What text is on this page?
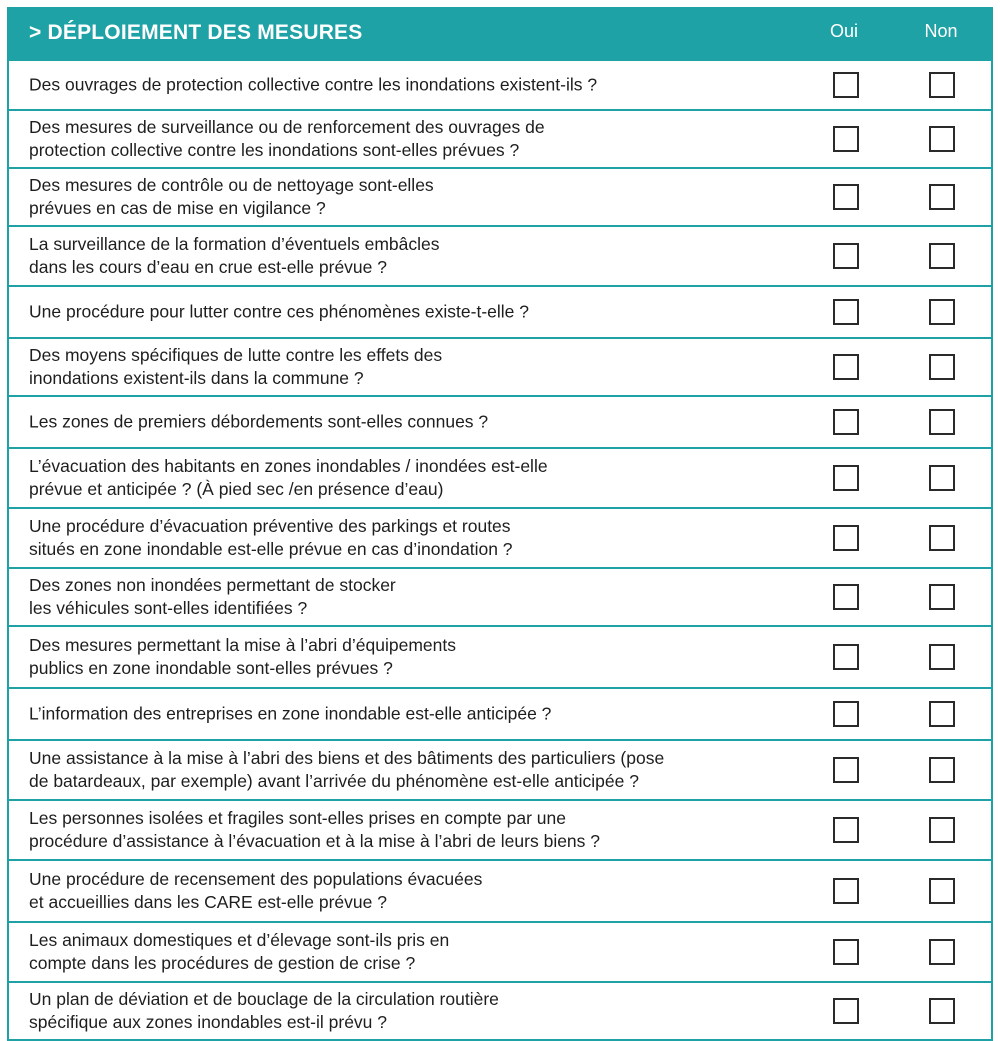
> DÉPLOIEMENT DES MESURES	Oui	Non
Des ouvrages de protection collective contre les inondations existent-ils ?
Des mesures de surveillance ou de renforcement des ouvrages de
protection collective contre les inondations sont-elles prévues ?
Des mesures de contrôle ou de nettoyage sont-elles
prévues en cas de mise en vigilance ?
La surveillance de la formation d’éventuels embâcles
dans les cours d’eau en crue est-elle prévue ?
Une procédure pour lutter contre ces phénomènes existe-t-elle ?
Des moyens spécifiques de lutte contre les effets des
inondations existent-ils dans la commune ?
Les zones de premiers débordements sont-elles connues ?
L’évacuation des habitants en zones inondables / inondées est-elle
prévue et anticipée ? (À pied sec /en présence d’eau)
Une procédure d’évacuation préventive des parkings et routes
situés en zone inondable est-elle prévue en cas d’inondation ?
Des zones non inondées permettant de stocker
les véhicules sont-elles identifiées ?
Des mesures permettant la mise à l’abri d’équipements
publics en zone inondable sont-elles prévues ?
L’information des entreprises en zone inondable est-elle anticipée ?
Une assistance à la mise à l’abri des biens et des bâtiments des particuliers (pose
de batardeaux, par exemple) avant l’arrivée du phénomène est-elle anticipée ?
Les personnes isolées et fragiles sont-elles prises en compte par une
procédure d’assistance à l’évacuation et à la mise à l’abri de leurs biens ?
Une procédure de recensement des populations évacuées
et accueillies dans les CARE est-elle prévue ?
Les animaux domestiques et d’élevage sont-ils pris en
compte dans les procédures de gestion de crise ?
Un plan de déviation et de bouclage de la circulation routière
spécifique aux zones inondables est-il prévu ?
